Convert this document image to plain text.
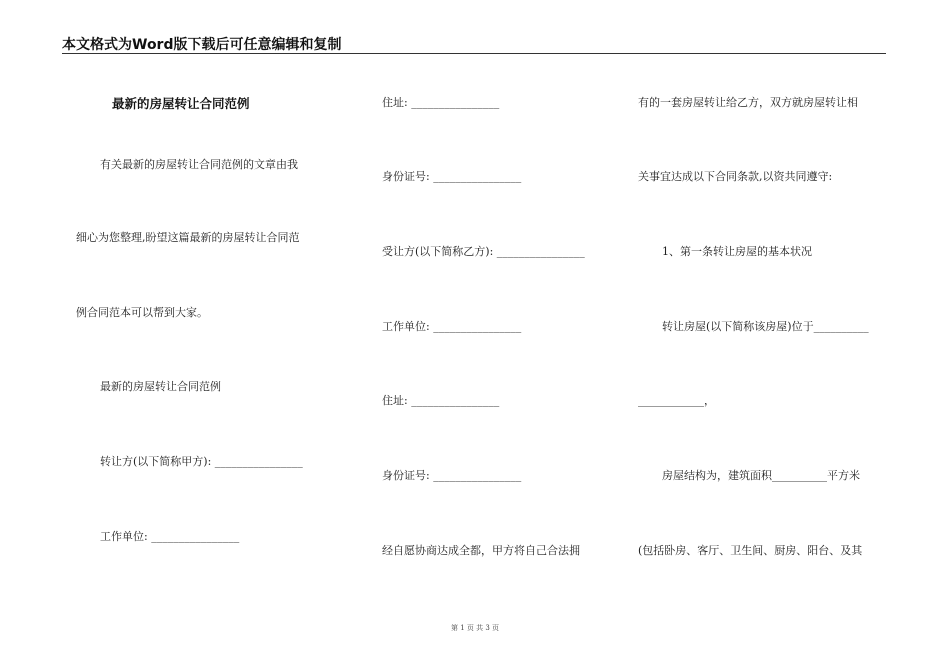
本文格式为Word版下载后可任意编辑和复制
最新的房屋转让合同范例
有关最新的房屋转让合同范例的文章由我
细心为您整理,盼望这篇最新的房屋转让合同范
例合同范本可以帮到大家。
最新的房屋转让合同范例
转让方(以下简称甲方): ________________
工作单位: ________________
住址: ________________
身份证号: ________________
受让方(以下简称乙方): ________________
工作单位: ________________
住址: ________________
身份证号: ________________
经自愿协商达成全都，甲方将自己合法拥
有的一套房屋转让给乙方，双方就房屋转让相
关事宜达成以下合同条款,以资共同遵守:
1、第一条转让房屋的基本状况
转让房屋(以下简称该房屋)位于__________
____________，
房屋结构为，建筑面积__________平方米
(包括卧房、客厅、卫生间、厨房、阳台、及其
第 1 页 共 3 页
